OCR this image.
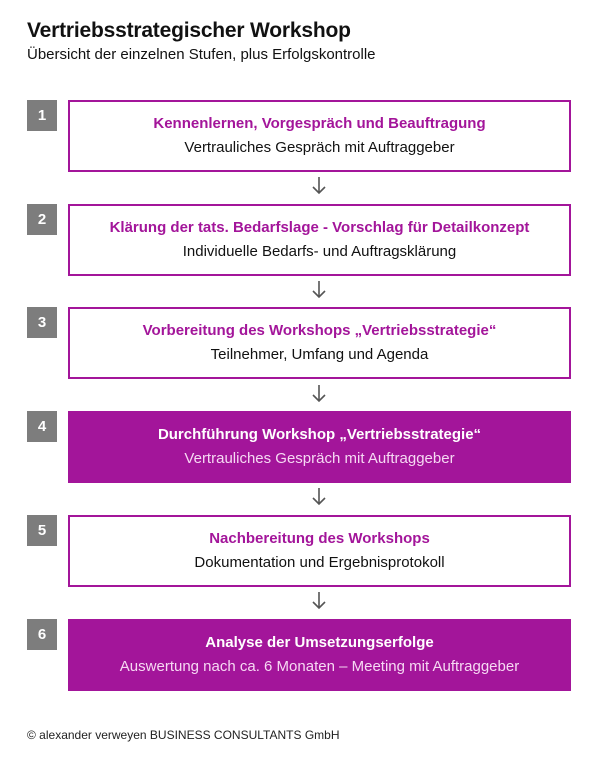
Vertriebsstrategischer Workshop
Übersicht der einzelnen Stufen, plus Erfolgskontrolle
1	Kennenlernen, Vorgespräch und Beauftragung
Vertrauliches Gespräch mit Auftraggeber
2	Klärung der tats. Bedarfslage - Vorschlag für Detailkonzept
Individuelle Bedarfs- und Auftragsklärung
3	Vorbereitung des Workshops „Vertriebsstrategie“
Teilnehmer, Umfang und Agenda
4	Durchführung Workshop „Vertriebsstrategie“
Vertrauliches Gespräch mit Auftraggeber
5	Nachbereitung des Workshops
Dokumentation und Ergebnisprotokoll
6	Analyse der Umsetzungserfolge
Auswertung nach ca. 6 Monaten – Meeting mit Auftraggeber
© alexander verweyen BUSINESS CONSULTANTS GmbH
